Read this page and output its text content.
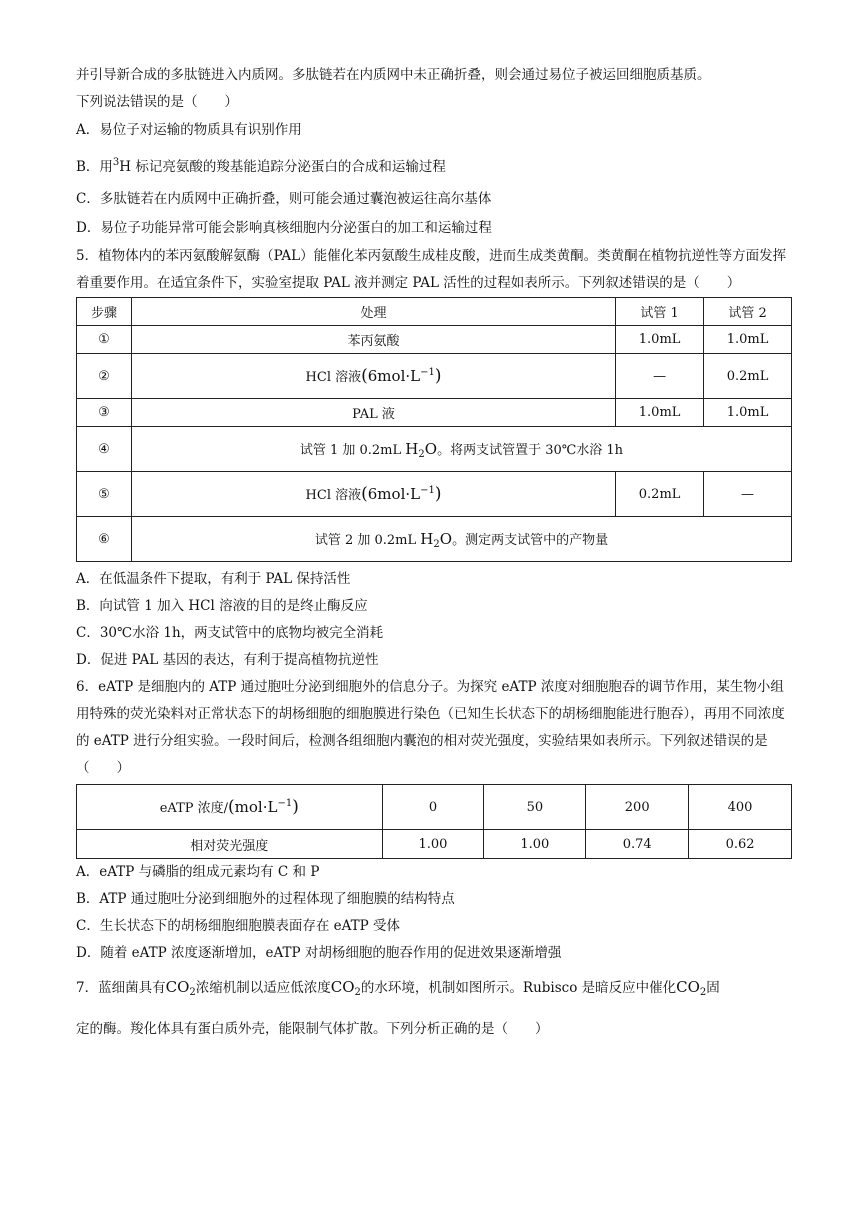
并引导新合成的多肽链进入内质网。多肽链若在内质网中未正确折叠，则会通过易位子被运回细胞质基质。
下列说法错误的是（　　）
A．易位子对运输的物质具有识别作用
B．用$^3$H 标记亮氨酸的羧基能追踪分泌蛋白的合成和运输过程
C．多肽链若在内质网中正确折叠，则可能会通过囊泡被运往高尔基体
D．易位子功能异常可能会影响真核细胞内分泌蛋白的加工和运输过程
5．植物体内的苯丙氨酸解氨酶（PAL）能催化苯丙氨酸生成桂皮酸，进而生成类黄酮。类黄酮在植物抗逆性等方面发挥着重要作用。在适宜条件下，实验室提取 PAL 液并测定 PAL 活性的过程如表所示。下列叙述错误的是（　　）
步骤	处理	试管 1	试管 2
①	苯丙氨酸	1.0mL	1.0mL
②	HCl 溶液$(6mol\cdot L^{-1})$	—	0.2mL
③	PAL 液	1.0mL	1.0mL
④	试管 1 加 0.2mL $H_2O$。将两支试管置于 30℃水浴 1h		
⑤	HCl 溶液$(6mol\cdot L^{-1})$	0.2mL	—
⑥	试管 2 加 0.2mL $H_2O$。测定两支试管中的产物量		
A．在低温条件下提取，有利于 PAL 保持活性
B．向试管 1 加入 HCl 溶液的目的是终止酶反应
C．30℃水浴 1h，两支试管中的底物均被完全消耗
D．促进 PAL 基因的表达，有利于提高植物抗逆性
6．eATP 是细胞内的 ATP 通过胞吐分泌到细胞外的信息分子。为探究 eATP 浓度对细胞胞吞的调节作用，某生物小组用特殊的荧光染料对正常状态下的胡杨细胞的细胞膜进行染色（已知生长状态下的胡杨细胞能进行胞吞），再用不同浓度的 eATP 进行分组实验。一段时间后，检测各组细胞内囊泡的相对荧光强度，实验结果如表所示。下列叙述错误的是（　　）
eATP 浓度$/(mol\cdot L^{-1})$	0	50	200	400
相对荧光强度	1.00	1.00	0.74	0.62
A．eATP 与磷脂的组成元素均有 C 和 P
B．ATP 通过胞吐分泌到细胞外的过程体现了细胞膜的结构特点
C．生长状态下的胡杨细胞细胞膜表面存在 eATP 受体
D．随着 eATP 浓度逐渐增加，eATP 对胡杨细胞的胞吞作用的促进效果逐渐增强
7．蓝细菌具有$CO_2$浓缩机制以适应低浓度$CO_2$的水环境，机制如图所示。Rubisco 是暗反应中催化$CO_2$固
定的酶。羧化体具有蛋白质外壳，能限制气体扩散。下列分析正确的是（　　）
